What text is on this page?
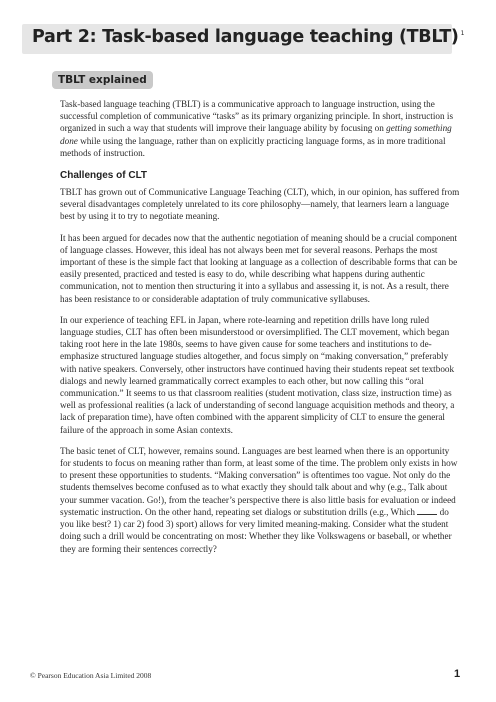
Part 2: Task-based language teaching (TBLT) $^1$
TBLT explained

Task-based language teaching (TBLT) is a communicative approach to language instruction, using the successful completion of communicative “tasks” as its primary organizing principle. In short, instruction is organized in such a way that students will improve their language ability by focusing on getting something done while using the language, rather than on explicitly practicing language forms, as in more traditional methods of instruction.

Challenges of CLT

TBLT has grown out of Communicative Language Teaching (CLT), which, in our opinion, has suffered from several disadvantages completely unrelated to its core philosophy—namely, that learners learn a language best by using it to try to negotiate meaning.

It has been argued for decades now that the authentic negotiation of meaning should be a crucial component of language classes. However, this ideal has not always been met for several reasons. Perhaps the most important of these is the simple fact that looking at language as a collection of describable forms that can be easily presented, practiced and tested is easy to do, while describing what happens during authentic communication, not to mention then structuring it into a syllabus and assessing it, is not. As a result, there has been resistance to or considerable adaptation of truly communicative syllabuses.

In our experience of teaching EFL in Japan, where rote-learning and repetition drills have long ruled language studies, CLT has often been misunderstood or oversimplified. The CLT movement, which began taking root here in the late 1980s, seems to have given cause for some teachers and institutions to de-emphasize structured language studies altogether, and focus simply on “making conversation,” preferably with native speakers. Conversely, other instructors have continued having their students repeat set textbook dialogs and newly learned grammatically correct examples to each other, but now calling this “oral communication.” It seems to us that classroom realities (student motivation, class size, instruction time) as well as professional realities (a lack of understanding of second language acquisition methods and theory, a lack of preparation time), have often combined with the apparent simplicity of CLT to ensure the general failure of the approach in some Asian contexts.

The basic tenet of CLT, however, remains sound. Languages are best learned when there is an opportunity for students to focus on meaning rather than form, at least some of the time. The problem only exists in how to present these opportunities to students. “Making conversation” is oftentimes too vague. Not only do the students themselves become confused as to what exactly they should talk about and why (e.g., Talk about your summer vacation. Go!), from the teacher’s perspective there is also little basis for evaluation or indeed systematic instruction. On the other hand, repeating set dialogs or substitution drills (e.g., Which  do you like best? 1) car 2) food 3) sport) allows for very limited meaning-making. Consider what the student doing such a drill would be concentrating on most: Whether they like Volkswagens or baseball, or whether they are forming their sentences correctly?

© Pearson Education Asia Limited 2008	1
